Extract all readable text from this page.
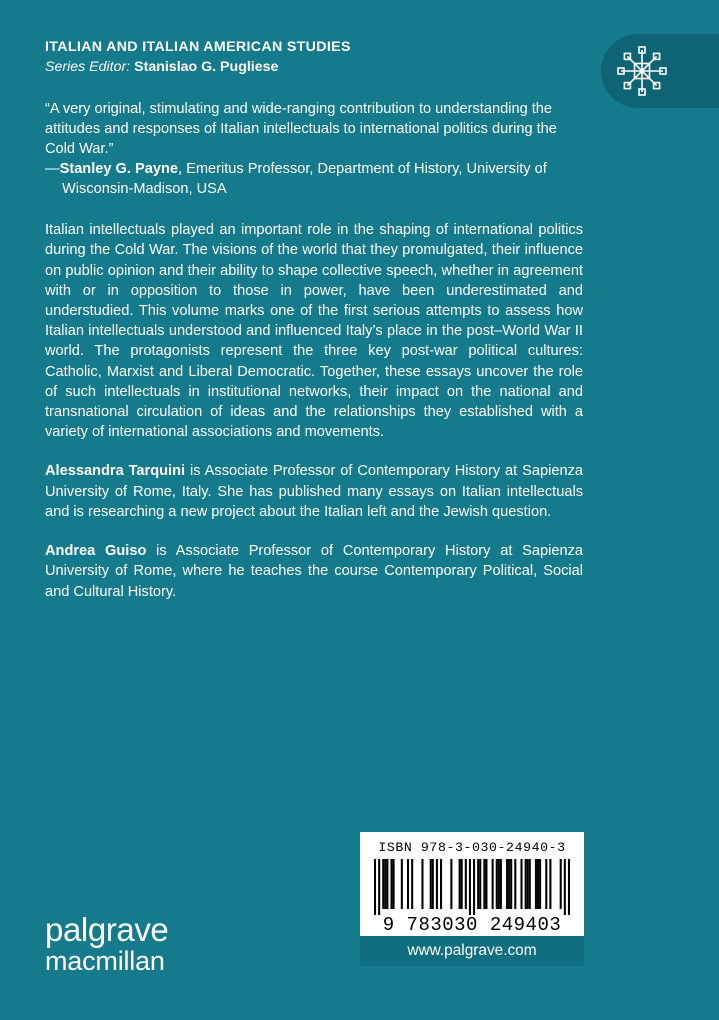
ITALIAN AND ITALIAN AMERICAN STUDIES

Series Editor: Stanislao G. Pugliese

“A very original, stimulating and wide-ranging contribution to understanding the attitudes and responses of Italian intellectuals to international politics during the Cold War.”

—Stanley G. Payne, Emeritus Professor, Department of History, University of Wisconsin-Madison, USA

Italian intellectuals played an important role in the shaping of international politics during the Cold War. The visions of the world that they promulgated, their influence on public opinion and their ability to shape collective speech, whether in agreement with or in opposition to those in power, have been underestimated and understudied. This volume marks one of the first serious attempts to assess how Italian intellectuals understood and influenced Italy’s place in the post–World War II world. The protagonists represent the three key post-war political cultures: Catholic, Marxist and Liberal Democratic. Together, these essays uncover the role of such intellectuals in institutional networks, their impact on the national and transnational circulation of ideas and the relationships they established with a variety of international associations and movements.

Alessandra Tarquini is Associate Professor of Contemporary History at Sapienza University of Rome, Italy. She has published many essays on Italian intellectuals and is researching a new project about the Italian left and the Jewish question.

Andrea Guiso is Associate Professor of Contemporary History at Sapienza University of Rome, where he teaches the course Contemporary Political, Social and Cultural History.

palgrave

macmillan

ISBN 978-3-030-24940-3

9 783030 249403

www.palgrave.com
